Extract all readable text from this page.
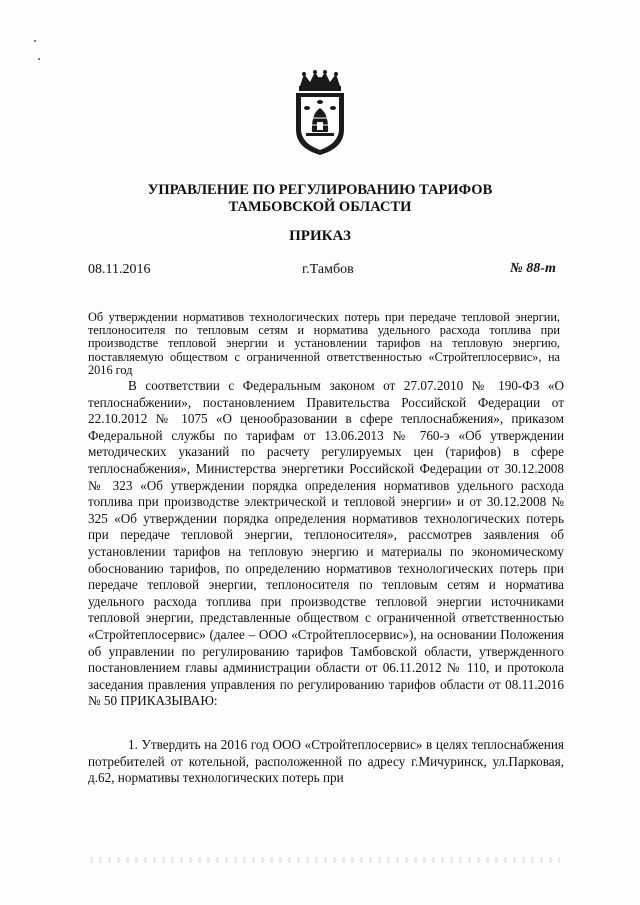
УПРАВЛЕНИЕ ПО РЕГУЛИРОВАНИЮ ТАРИФОВ
ТАМБОВСКОЙ ОБЛАСТИ
ПРИКАЗ
08.11.2016	г.Тамбов	№ 88-т
Об утверждении нормативов технологических потерь при передаче тепловой энергии, теплоносителя по тепловым сетям и норматива удельного расхода топлива при производстве тепловой энергии и установлении тарифов на тепловую энергию, поставляемую обществом с ограниченной ответственностью «Стройтеплосервис», на 2016 год

В соответствии с Федеральным законом от 27.07.2010 № 190-ФЗ «О теплоснабжении», постановлением Правительства Российской Федерации от 22.10.2012 № 1075 «О ценообразовании в сфере теплоснабжения», приказом Федеральной службы по тарифам от 13.06.2013 № 760-э «Об утверждении методических указаний по расчету регулируемых цен (тарифов) в сфере теплоснабжения», Министерства энергетики Российской Федерации от 30.12.2008 № 323 «Об утверждении порядка определения нормативов удельного расхода топлива при производстве электрической и тепловой энергии» и от 30.12.2008 № 325 «Об утверждении порядка определения нормативов технологических потерь при передаче тепловой энергии, теплоносителя», рассмотрев заявления об установлении тарифов на тепловую энергию и материалы по экономическому обоснованию тарифов, по определению нормативов технологических потерь при передаче тепловой энергии, теплоносителя по тепловым сетям и норматива удельного расхода топлива при производстве тепловой энергии источниками тепловой энергии, представленные обществом с ограниченной ответственностью «Стройтеплосервис» (далее – ООО «Стройтеплосервис»), на основании Положения об управлении по регулированию тарифов Тамбовской области, утвержденного постановлением главы администрации области от 06.11.2012 № 110, и протокола заседания правления управления по регулированию тарифов области от 08.11.2016 № 50 ПРИКАЗЫВАЮ:

1. Утвердить на 2016 год ООО «Стройтеплосервис» в целях теплоснабжения потребителей от котельной, расположенной по адресу г.Мичуринск, ул.Парковая, д.62, нормативы технологических потерь при
